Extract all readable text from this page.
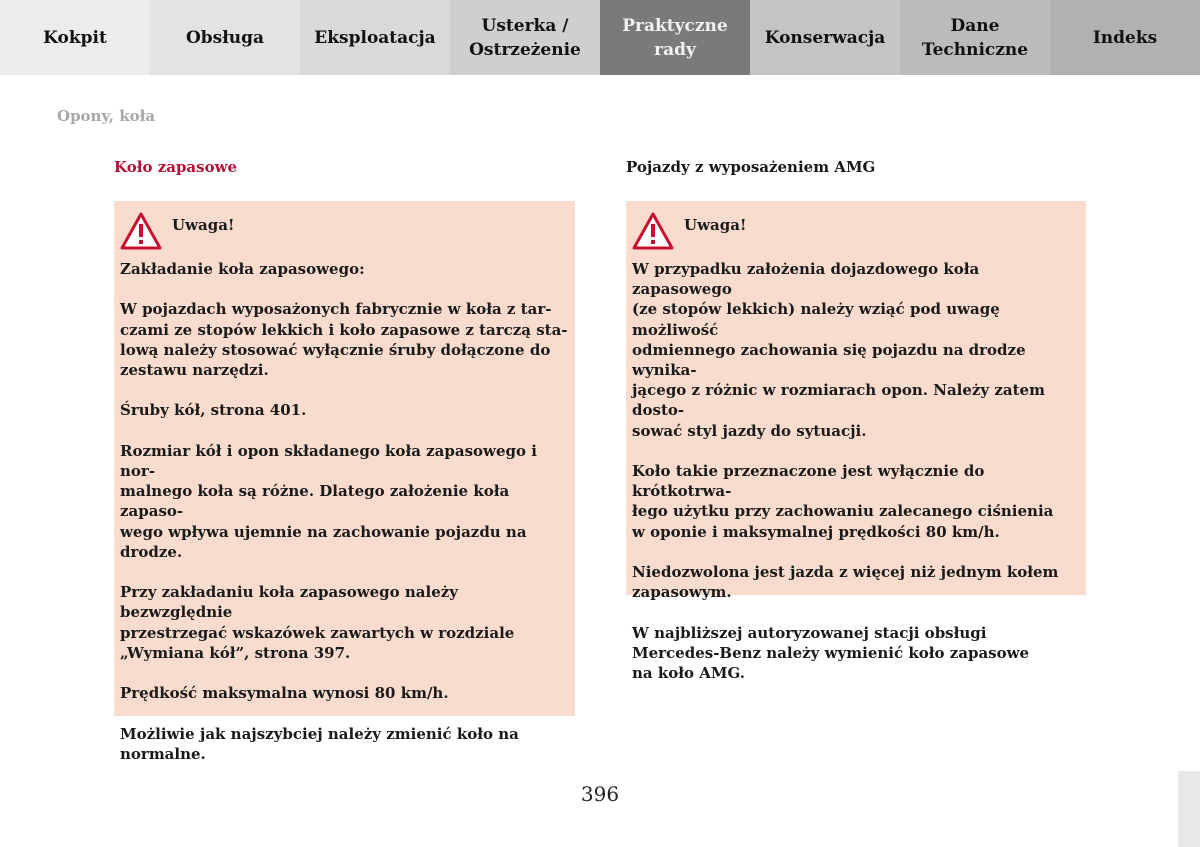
Kokpit	Obsługa	Eksploatacja
Usterka /
Ostrzeżenie
Praktyczne
rady
Konserwacja
Dane
Techniczne
Indeks
Opony, koła
Koło zapasowe	Pojazdy z wyposażeniem AMG
Uwaga!

Zakładanie koła zapasowego:

W pojazdach wyposażonych fabrycznie w koła z tar-
czami ze stopów lekkich i koło zapasowe z tarczą sta-
lową należy stosować wyłącznie śruby dołączone do
zestawu narzędzi.

Śruby kół, strona 401.

Rozmiar kół i opon składanego koła zapasowego i nor-
malnego koła są różne. Dlatego założenie koła zapaso-
wego wpływa ujemnie na zachowanie pojazdu na
drodze.

Przy zakładaniu koła zapasowego należy bezwzględnie
przestrzegać wskazówek zawartych w rozdziale
„Wymiana kół”, strona 397.

Prędkość maksymalna wynosi 80 km/h.

Możliwie jak najszybciej należy zmienić koło na
normalne.

Uwaga!

W przypadku założenia dojazdowego koła zapasowego
(ze stopów lekkich) należy wziąć pod uwagę możliwość
odmiennego zachowania się pojazdu na drodze wynika-
jącego z różnic w rozmiarach opon. Należy zatem dosto-
sować styl jazdy do sytuacji.

Koło takie przeznaczone jest wyłącznie do krótkotrwa-
łego użytku przy zachowaniu zalecanego ciśnienia
w oponie i maksymalnej prędkości 80 km/h.

Niedozwolona jest jazda z więcej niż jednym kołem
zapasowym.

W najbliższej autoryzowanej stacji obsługi
Mercedes-Benz należy wymienić koło zapasowe
na koło AMG.

396
